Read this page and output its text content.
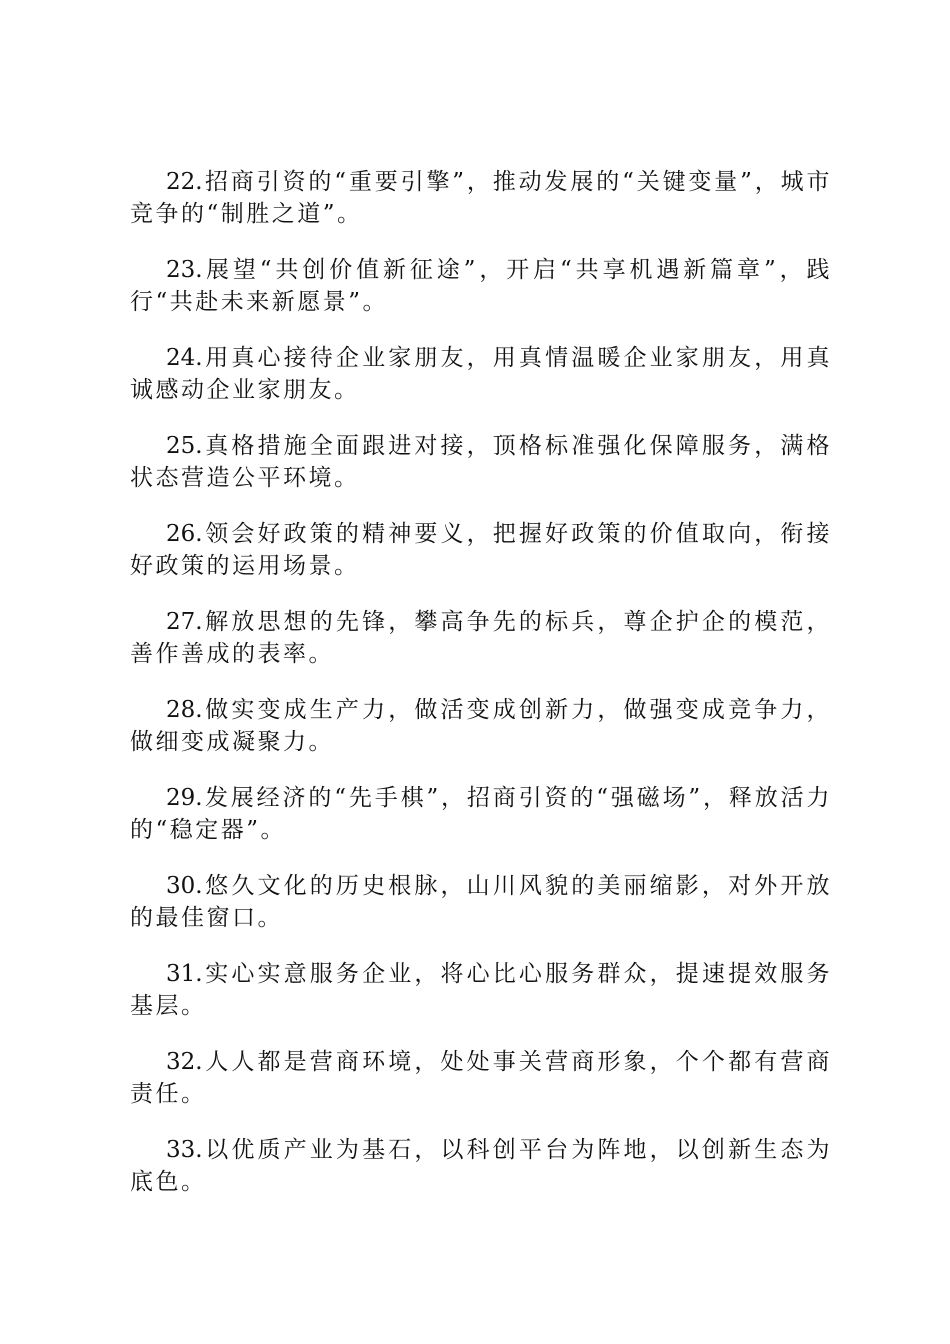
22.招商引资的“重要引擎”，推动发展的“关键变量”，城市竞争的“制胜之道”。

23.展望“共创价值新征途”，开启“共享机遇新篇章”，践行“共赴未来新愿景”。

24.用真心接待企业家朋友，用真情温暖企业家朋友，用真诚感动企业家朋友。

25.真格措施全面跟进对接，顶格标准强化保障服务，满格状态营造公平环境。

26.领会好政策的精神要义，把握好政策的价值取向，衔接好政策的运用场景。

27.解放思想的先锋，攀高争先的标兵，尊企护企的模范，善作善成的表率。

28.做实变成生产力，做活变成创新力，做强变成竞争力，做细变成凝聚力。

29.发展经济的“先手棋”，招商引资的“强磁场”，释放活力的“稳定器”。

30.悠久文化的历史根脉，山川风貌的美丽缩影，对外开放的最佳窗口。

31.实心实意服务企业，将心比心服务群众，提速提效服务基层。

32.人人都是营商环境，处处事关营商形象，个个都有营商责任。

33.以优质产业为基石，以科创平台为阵地，以创新生态为底色。
